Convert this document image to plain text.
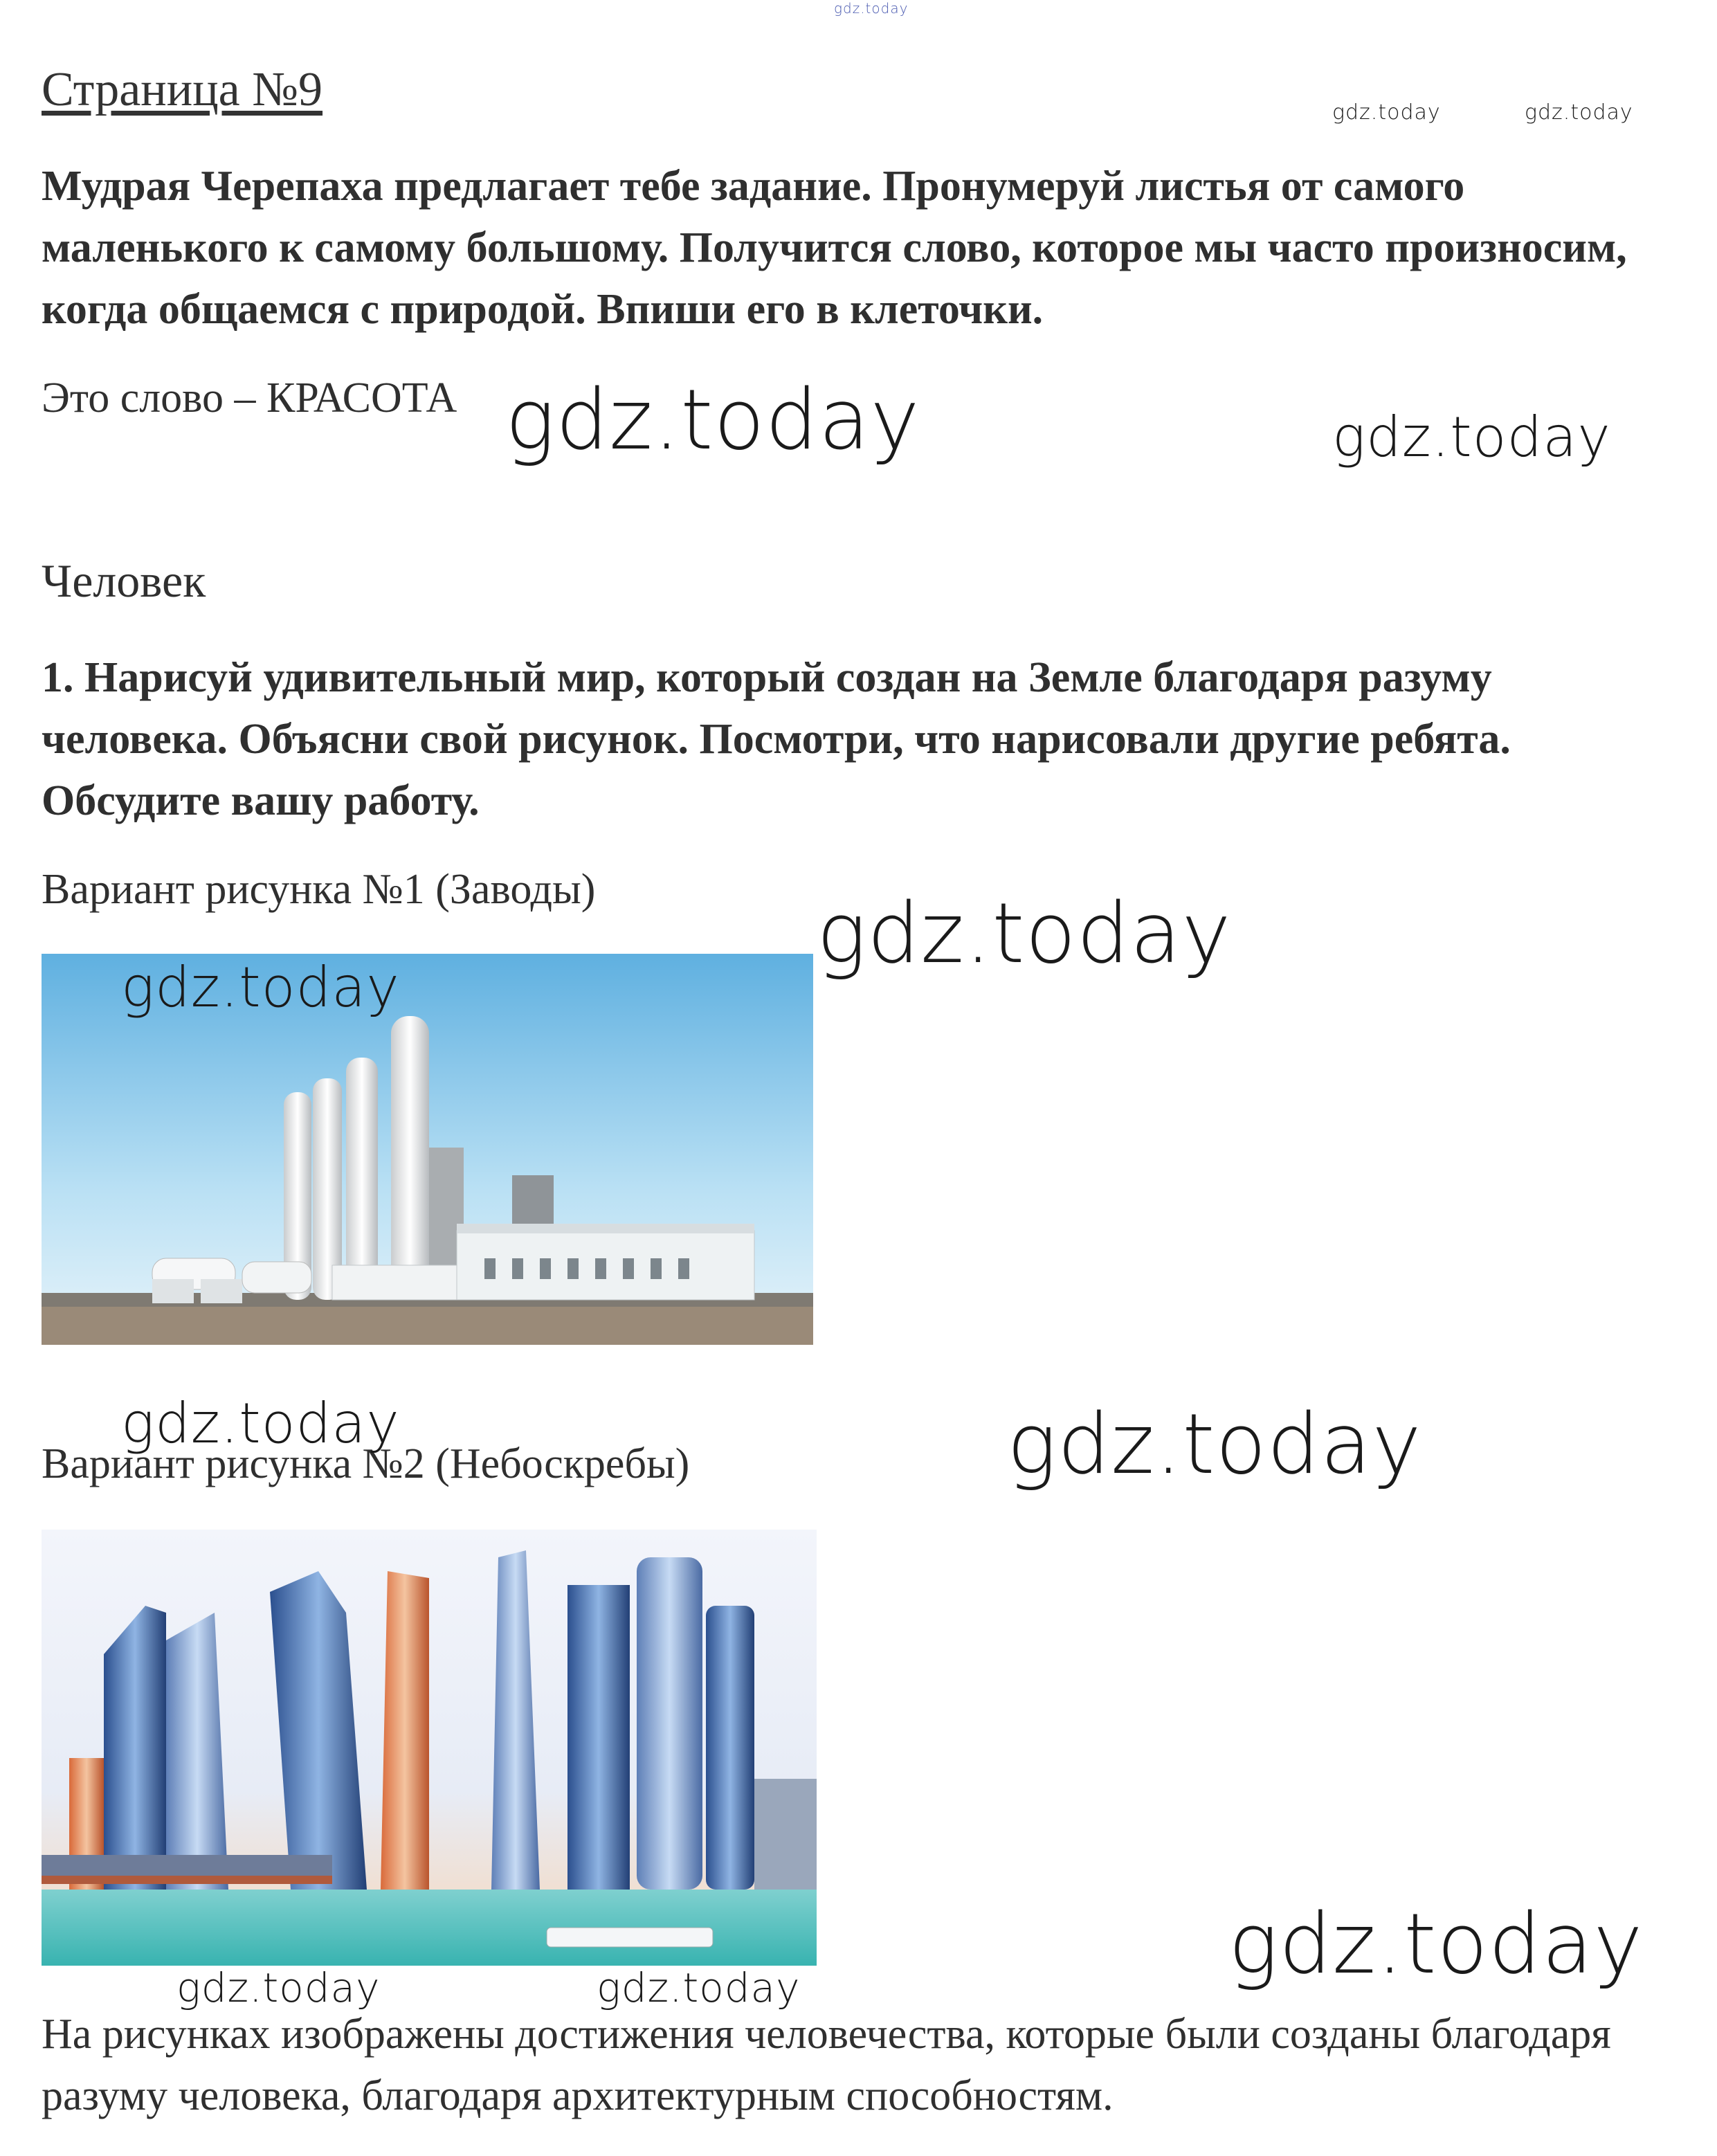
gdz.today
Страница №9	gdz.today	gdz.today
Мудрая Черепаха предлагает тебе задание. Пронумеруй листья от самого маленького к самому большому. Получится слово, которое мы часто произносим, когда общаемся с природой. Впиши его в клеточки.
Это слово – КРАСОТА gdz.today	gdz.today
Человек
1. Нарисуй удивительный мир, который создан на Земле благодаря разуму человека. Объясни свой рисунок. Посмотри, что нарисовали другие ребята. Обсудите вашу работу.
Вариант рисунка №1 (Заводы)	gdz.today
gdz.today
Вариант рисунка №2 (Небоскребы)
gdz.today	gdz.today
gdz.today
gdz.today	gdz.today
На рисунках изображены достижения человечества, которые были созданы благодаря разуму человека, благодаря архитектурным способностям.
